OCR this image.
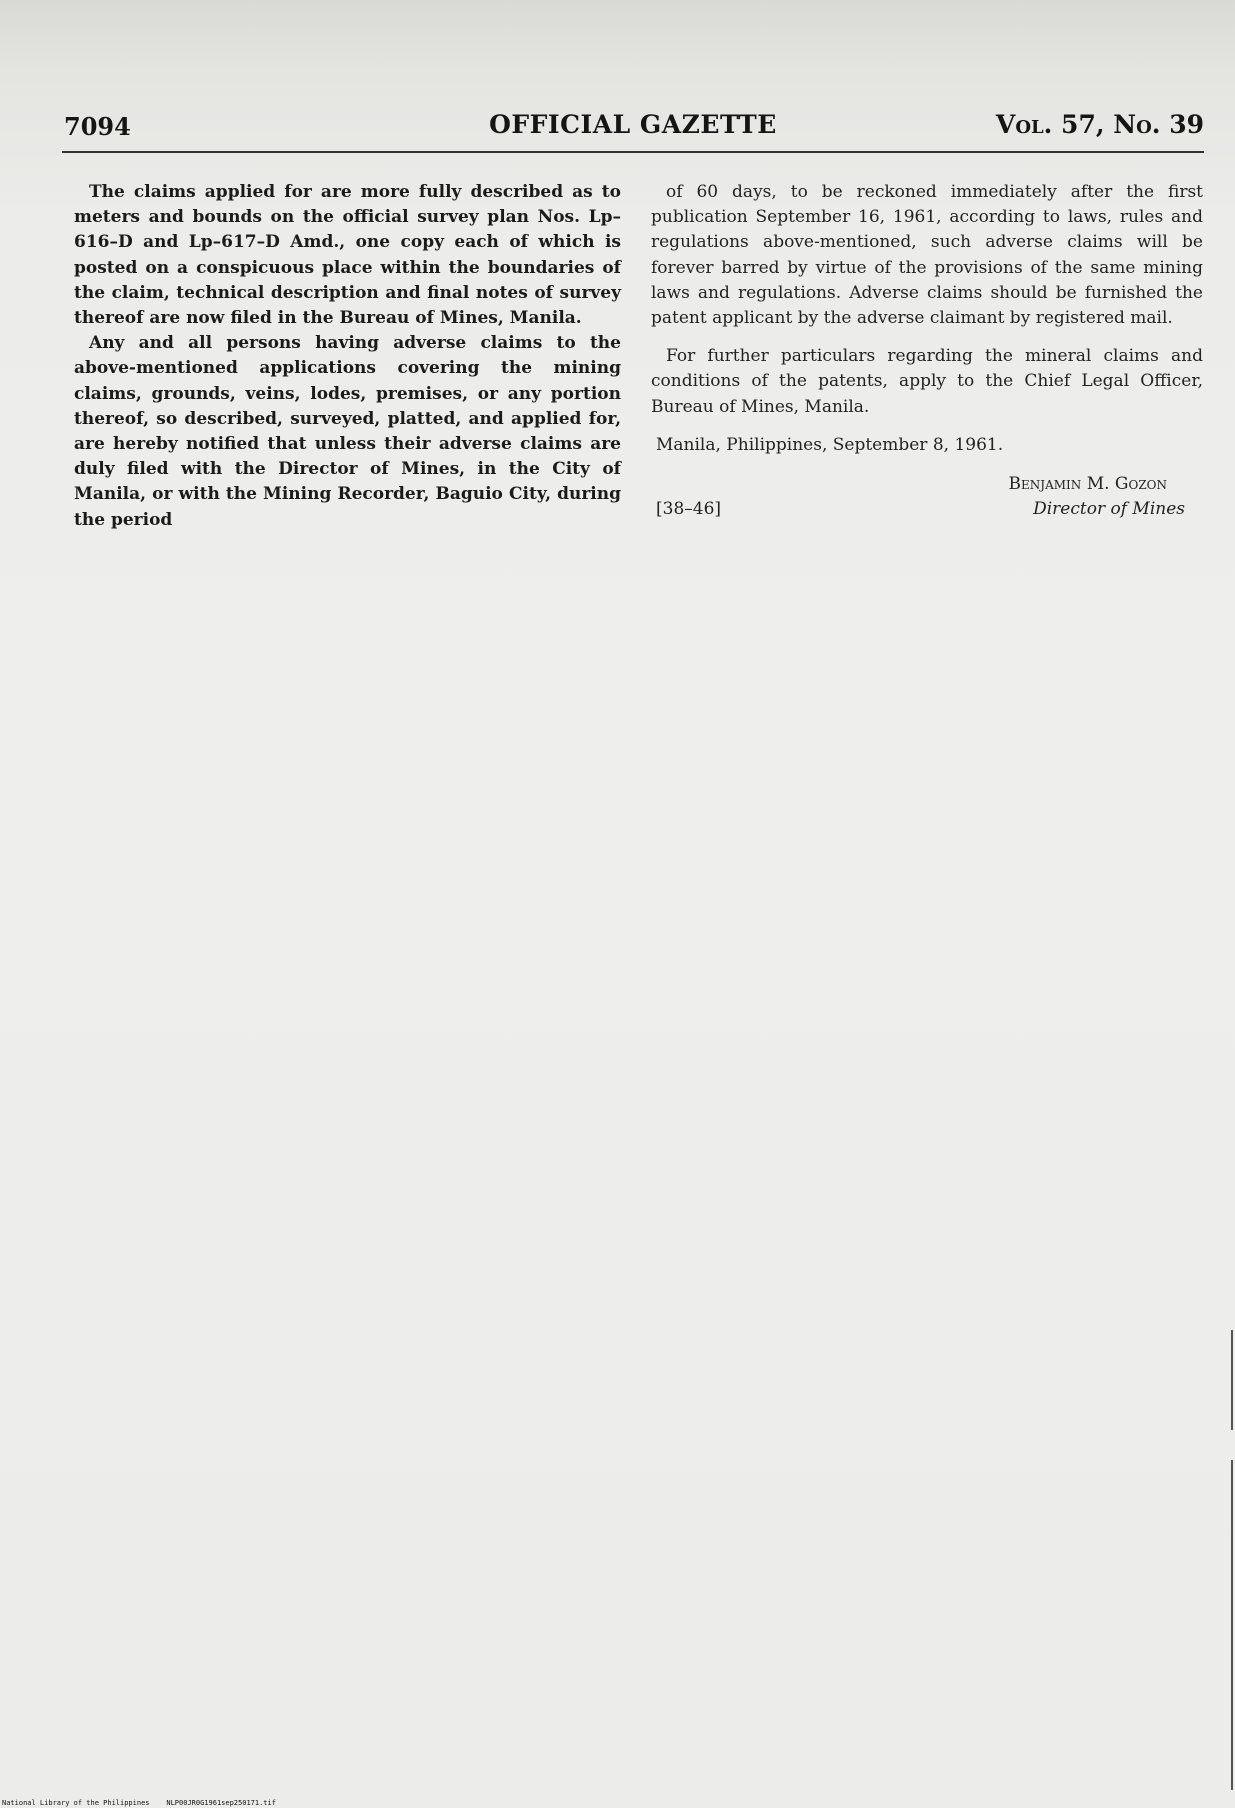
7094	OFFICIAL GAZETTE	Vol. 57, No. 39

The claims applied for are more fully described as to meters and bounds on the official survey plan Nos. Lp–616–D and Lp–617–D Amd., one copy each of which is posted on a conspicuous place within the boundaries of the claim, technical description and final notes of survey thereof are now filed in the Bureau of Mines, Manila.

Any and all persons having adverse claims to the above-mentioned applications covering the mining claims, grounds, veins, lodes, premises, or any portion thereof, so described, surveyed, platted, and applied for, are hereby notified that unless their adverse claims are duly filed with the Director of Mines, in the City of Manila, or with the Mining Recorder, Baguio City, during the period

of 60 days, to be reckoned immediately after the first publication September 16, 1961, according to laws, rules and regulations above-mentioned, such adverse claims will be forever barred by virtue of the provisions of the same mining laws and regulations. Adverse claims should be furnished the patent applicant by the adverse claimant by registered mail.

For further particulars regarding the mineral claims and conditions of the patents, apply to the Chief Legal Officer, Bureau of Mines, Manila.

Manila, Philippines, September 8, 1961.
Benjamin M. Gozon
[38–46]	Director of Mines
National Library of the Philippines NLP00JR0G1961sep250171.tif
